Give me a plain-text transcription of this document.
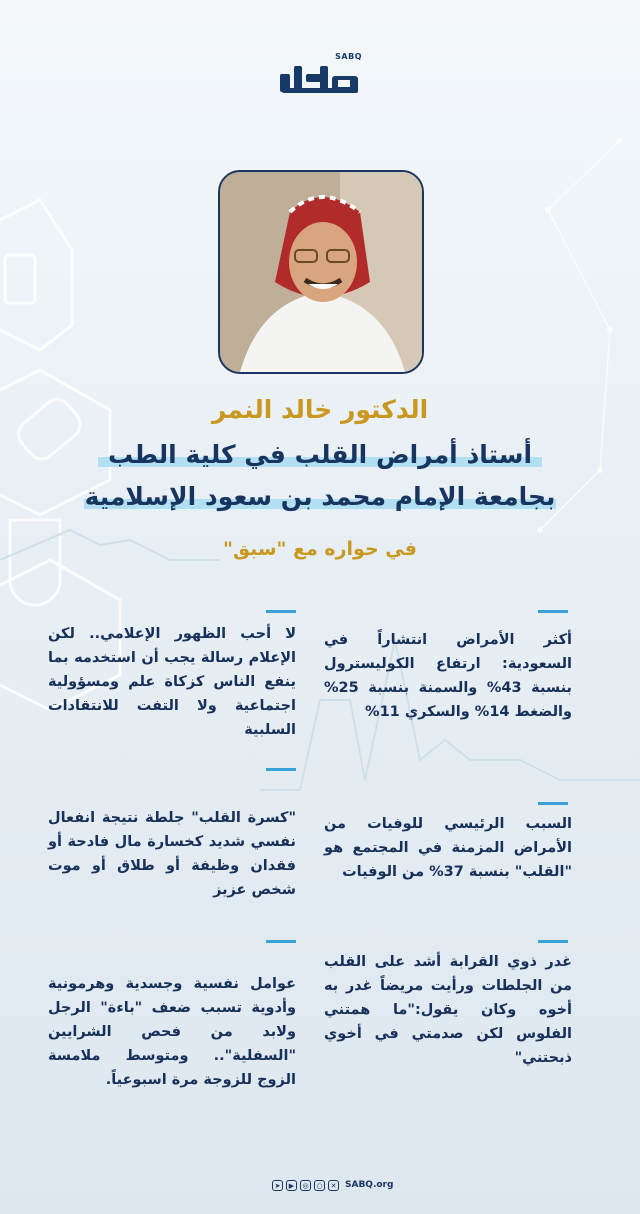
SABQ
الدكتور خالد النمر
أستاذ أمراض القلب في كلية الطب
بجامعة الإمام محمد بن سعود الإسلامية
في حواره مع "سبق"
أكثر الأمراض انتشاراً في السعودية: ارتفاع الكوليسترول بنسبة 43% والسمنة بنسبة 25% والضغط 14% والسكري 11%
السبب الرئيسي للوفيات من الأمراض المزمنة في المجتمع هو "القلب" بنسبة 37% من الوفيات
غدر ذوي القرابة أشد على القلب من الجلطات ورأيت مريضاً غدر به أخوه وكان يقول:"ما همتني الفلوس لكن صدمتي في أخوي ذبحتني"
لا أحب الظهور الإعلامي.. لكن الإعلام رسالة يجب أن استخدمه بما ينفع الناس كزكاة علم ومسؤولية اجتماعية ولا التفت للانتقادات السلبية
"كسرة القلب" جلطة نتيجة انفعال نفسي شديد كخسارة مال فادحة أو فقدان وظيفة أو طلاق أو موت شخص عزيز
عوامل نفسية وجسدية وهرمونية وأدوية تسبب ضعف "باءة" الرجل ولابد من فحص الشرايين "السفلية".. ومتوسط ملامسة الزوج للزوجة مرة اسبوعياً.
➤	▶	◎	○	✕ SABQ.org
